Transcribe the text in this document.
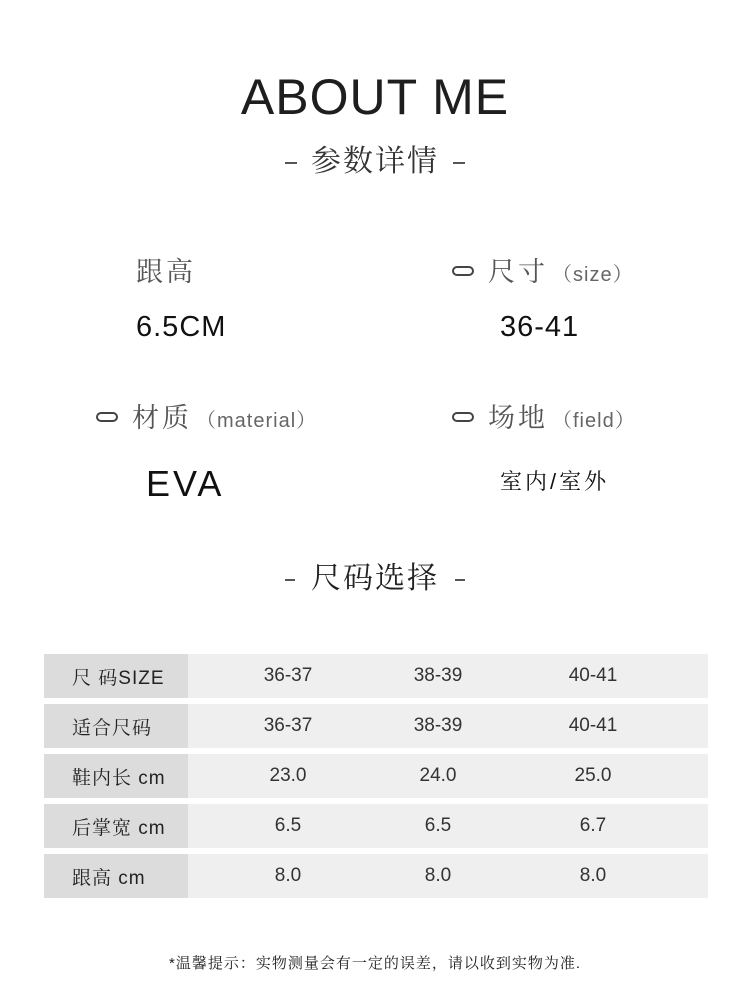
ABOUT ME
参数详情
跟高
6.5CM
尺寸 （size）
36-41
材质 （material）
EVA
场地 （field）
室内/室外
尺码选择
尺 码SIZE	36-37	38-39	40-41
适合尺码	36-37	38-39	40-41
鞋内长 cm	23.0	24.0	25.0
后掌宽 cm	6.5	6.5	6.7
跟高 cm	8.0	8.0	8.0
*温馨提示：实物测量会有一定的误差，请以收到实物为准.
